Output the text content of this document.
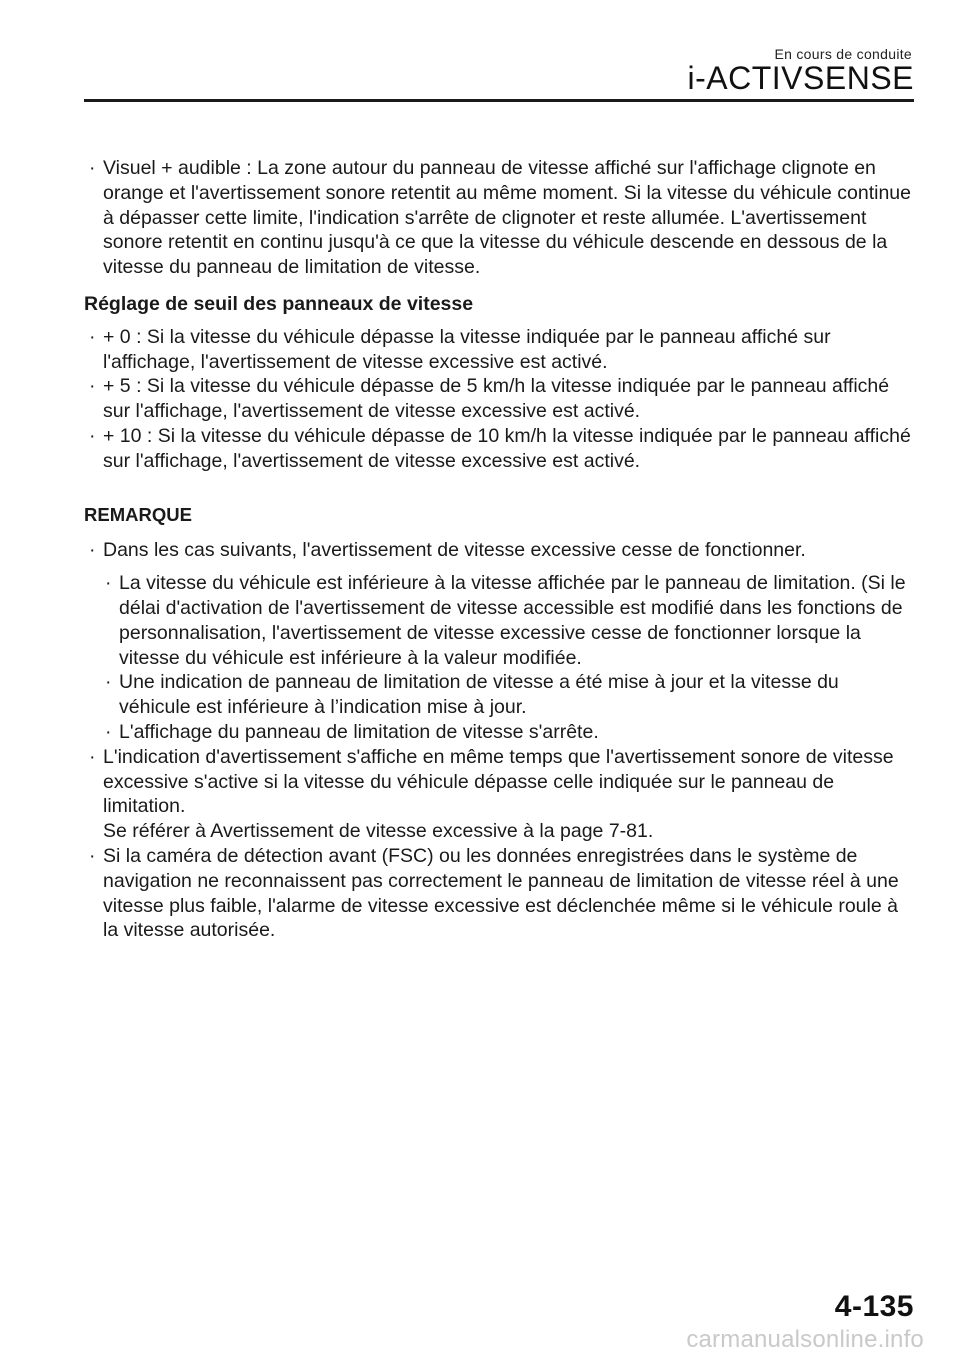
En cours de conduite
i-ACTIVSENSE
· Visuel + audible : La zone autour du panneau de vitesse affiché sur l'affichage clignote en orange et l'avertissement sonore retentit au même moment. Si la vitesse du véhicule continue à dépasser cette limite, l'indication s'arrête de clignoter et reste allumée. L'avertissement sonore retentit en continu jusqu'à ce que la vitesse du véhicule descende en dessous de la vitesse du panneau de limitation de vitesse.
Réglage de seuil des panneaux de vitesse
· + 0 : Si la vitesse du véhicule dépasse la vitesse indiquée par le panneau affiché sur l'affichage, l'avertissement de vitesse excessive est activé.
· + 5 : Si la vitesse du véhicule dépasse de 5 km/h la vitesse indiquée par le panneau affiché sur l'affichage, l'avertissement de vitesse excessive est activé.
· + 10 : Si la vitesse du véhicule dépasse de 10 km/h la vitesse indiquée par le panneau affiché sur l'affichage, l'avertissement de vitesse excessive est activé.
REMARQUE
· Dans les cas suivants, l'avertissement de vitesse excessive cesse de fonctionner.
· La vitesse du véhicule est inférieure à la vitesse affichée par le panneau de limitation. (Si le délai d'activation de l'avertissement de vitesse accessible est modifié dans les fonctions de personnalisation, l'avertissement de vitesse excessive cesse de fonctionner lorsque la vitesse du véhicule est inférieure à la valeur modifiée.
· Une indication de panneau de limitation de vitesse a été mise à jour et la vitesse du véhicule est inférieure à l’indication mise à jour.
· L'affichage du panneau de limitation de vitesse s'arrête.
· L'indication d'avertissement s'affiche en même temps que l'avertissement sonore de vitesse excessive s'active si la vitesse du véhicule dépasse celle indiquée sur le panneau de limitation.
Se référer à Avertissement de vitesse excessive à la page 7-81.
· Si la caméra de détection avant (FSC) ou les données enregistrées dans le système de navigation ne reconnaissent pas correctement le panneau de limitation de vitesse réel à une vitesse plus faible, l'alarme de vitesse excessive est déclenchée même si le véhicule roule à la vitesse autorisée.
4-135
carmanualsonline.info
